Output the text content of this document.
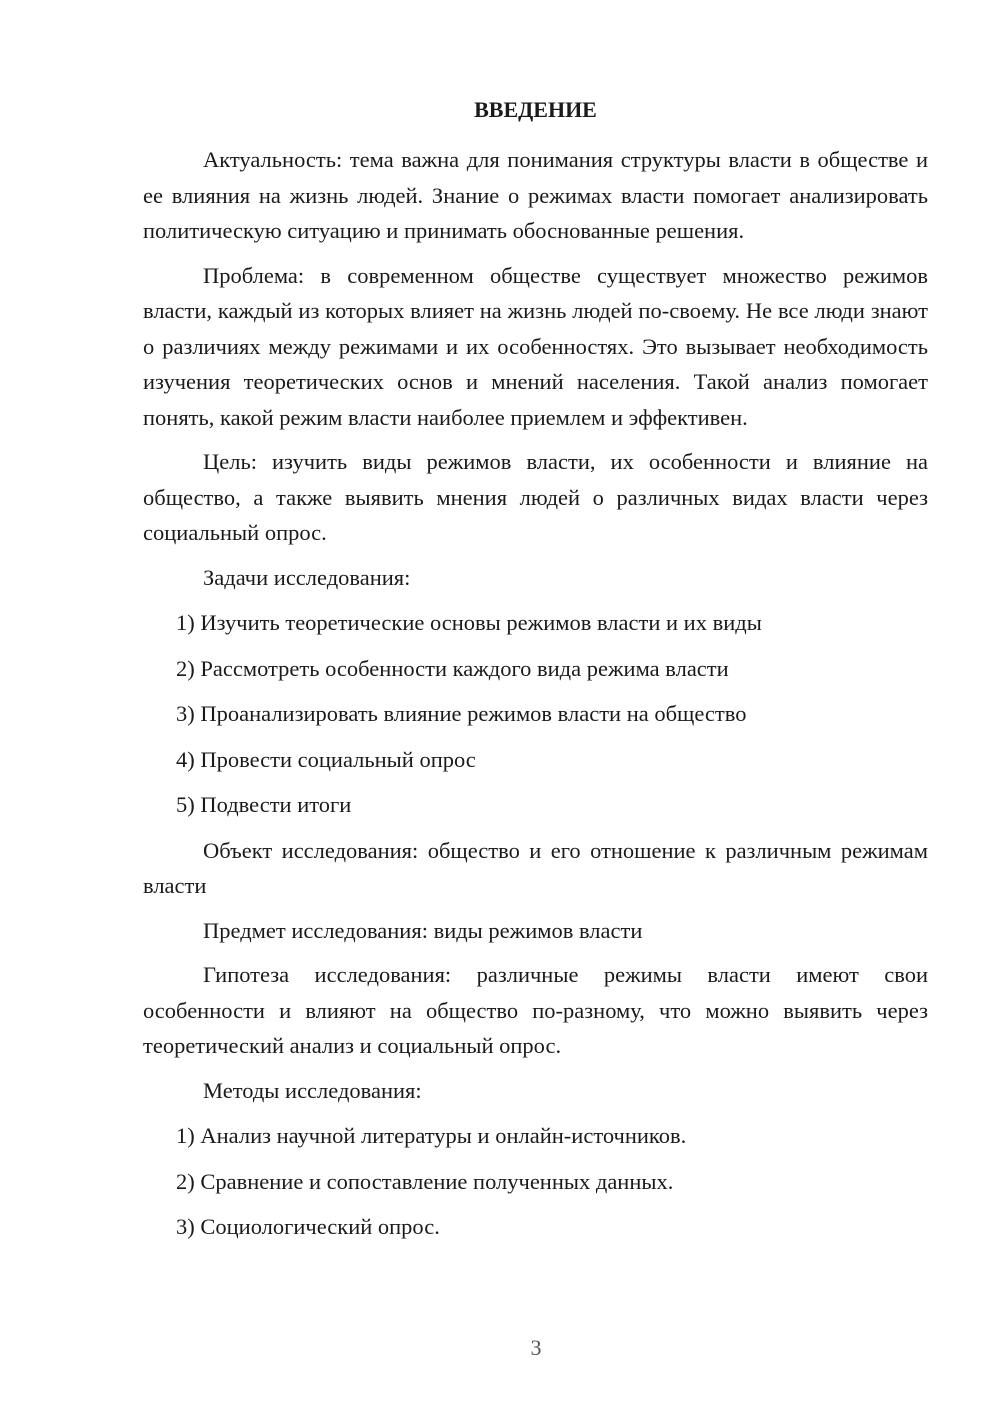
ВВЕДЕНИЕ

Актуальность: тема важна для понимания структуры власти в обществе и ее влияния на жизнь людей. Знание о режимах власти помогает анализировать политическую ситуацию и принимать обоснованные решения.

Проблема: в современном обществе существует множество режимов власти, каждый из которых влияет на жизнь людей по-своему. Не все люди знают о различиях между режимами и их особенностях. Это вызывает необходимость изучения теоретических основ и мнений населения. Такой анализ помогает понять, какой режим власти наиболее приемлем и эффективен.

Цель: изучить виды режимов власти, их особенности и влияние на общество, а также выявить мнения людей о различных видах власти через социальный опрос.

Задачи исследования:

1) Изучить теоретические основы режимов власти и их виды
2) Рассмотреть особенности каждого вида режима власти
3) Проанализировать влияние режимов власти на общество
4) Провести социальный опрос
5) Подвести итоги

Объект исследования: общество и его отношение к различным режимам власти

Предмет исследования: виды режимов власти

Гипотеза исследования: различные режимы власти имеют свои особенности и влияют на общество по-разному, что можно выявить через теоретический анализ и социальный опрос.

Методы исследования:

1) Анализ научной литературы и онлайн-источников.
2) Сравнение и сопоставление полученных данных.
3) Социологический опрос.
3
